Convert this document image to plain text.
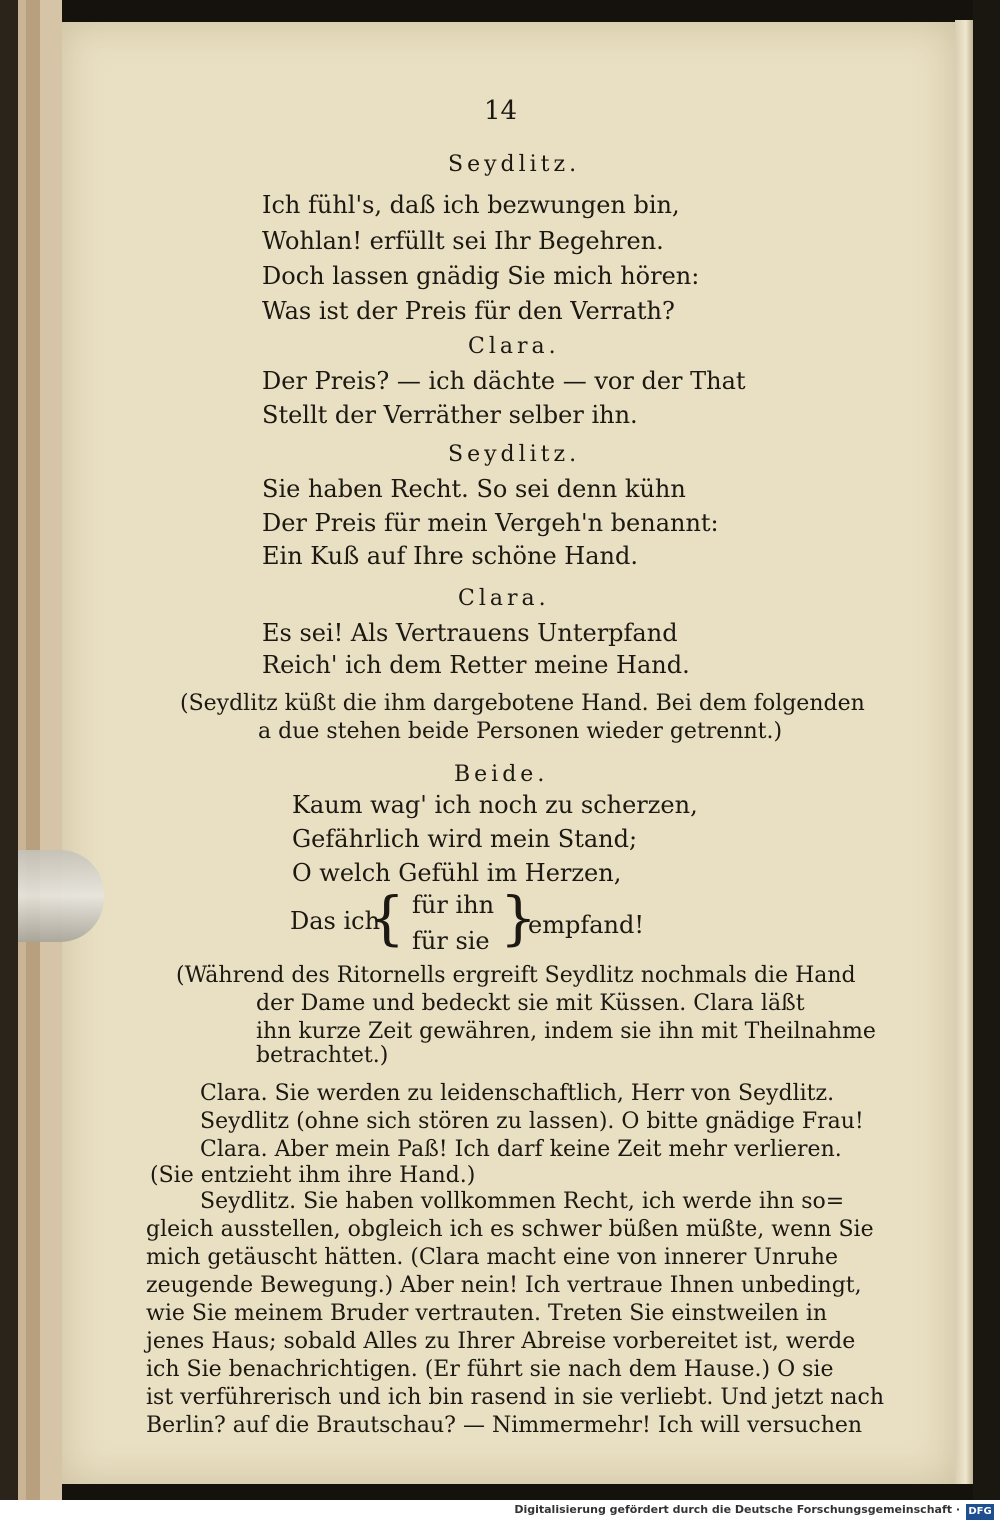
14
Seydlitz.
Ich fühl's, daß ich bezwungen bin,
Wohlan! erfüllt sei Ihr Begehren.
Doch lassen gnädig Sie mich hören:
Was ist der Preis für den Verrath?
Clara.
Der Preis? — ich dächte — vor der That
Stellt der Verräther selber ihn.
Seydlitz.
Sie haben Recht. So sei denn kühn
Der Preis für mein Vergeh'n benannt:
Ein Kuß auf Ihre schöne Hand.
Clara.
Es sei! Als Vertrauens Unterpfand
Reich' ich dem Retter meine Hand.
(Seydlitz küßt die ihm dargebotene Hand. Bei dem folgenden
a due stehen beide Personen wieder getrennt.)
Beide.
Kaum wag' ich noch zu scherzen,
Gefährlich wird mein Stand;
O welch Gefühl im Herzen,
Das ich
{ für ihn
für sie }
empfand!
(Während des Ritornells ergreift Seydlitz nochmals die Hand
der Dame und bedeckt sie mit Küssen. Clara läßt
ihn kurze Zeit gewähren, indem sie ihn mit Theilnahme
betrachtet.)
Clara. Sie werden zu leidenschaftlich, Herr von Seydlitz.
Seydlitz (ohne sich stören zu lassen). O bitte gnädige Frau!
Clara. Aber mein Paß! Ich darf keine Zeit mehr verlieren.
(Sie entzieht ihm ihre Hand.)
Seydlitz. Sie haben vollkommen Recht, ich werde ihn so=
gleich ausstellen, obgleich ich es schwer büßen müßte, wenn Sie
mich getäuscht hätten. (Clara macht eine von innerer Unruhe
zeugende Bewegung.) Aber nein! Ich vertraue Ihnen unbedingt,
wie Sie meinem Bruder vertrauten. Treten Sie einstweilen in
jenes Haus; sobald Alles zu Ihrer Abreise vorbereitet ist, werde
ich Sie benachrichtigen. (Er führt sie nach dem Hause.) O sie
ist verführerisch und ich bin rasend in sie verliebt. Und jetzt nach
Berlin? auf die Brautschau? — Nimmermehr! Ich will versuchen
Digitalisierung gefördert durch die Deutsche Forschungsgemeinschaft · DFG
